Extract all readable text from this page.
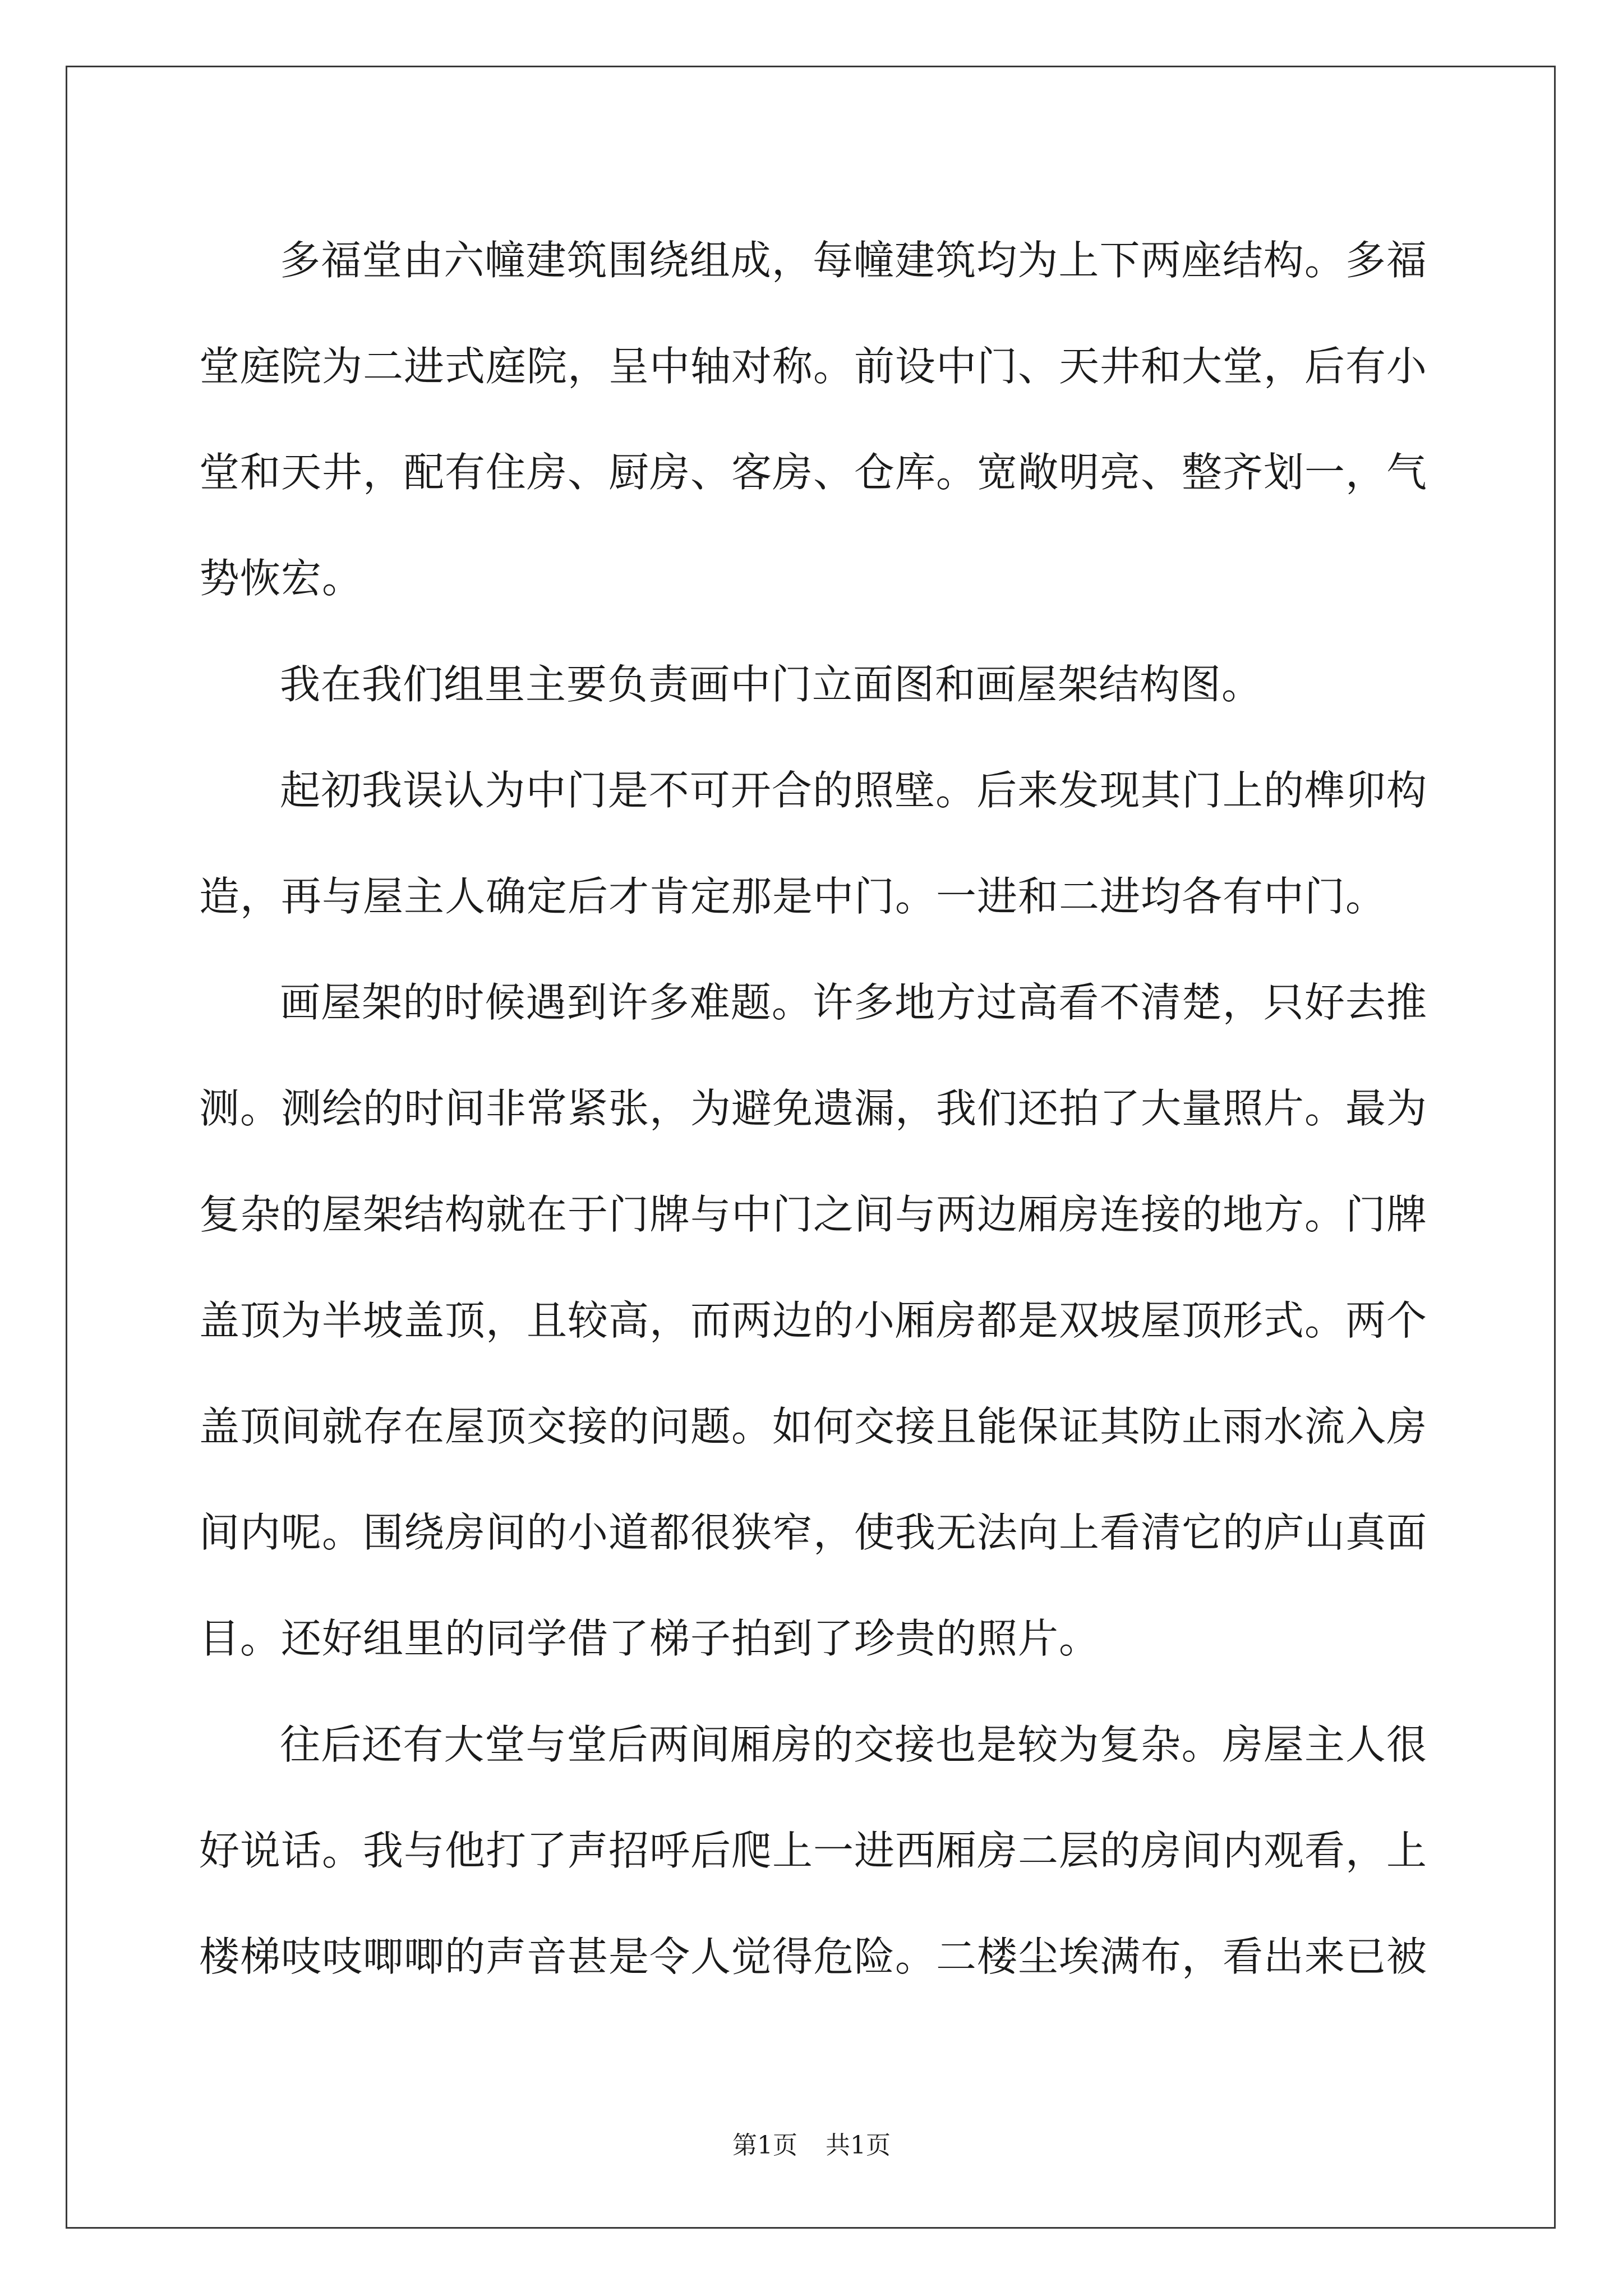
多福堂由六幢建筑围绕组成，每幢建筑均为上下两座结构。多福堂庭院为二进式庭院，呈中轴对称。前设中门、天井和大堂，后有小堂和天井，配有住房、厨房、客房、仓库。宽敞明亮、整齐划一，气势恢宏。

我在我们组里主要负责画中门立面图和画屋架结构图。

起初我误认为中门是不可开合的照壁。后来发现其门上的榫卯构造，再与屋主人确定后才肯定那是中门。一进和二进均各有中门。

画屋架的时候遇到许多难题。许多地方过高看不清楚，只好去推测。测绘的时间非常紧张，为避免遗漏，我们还拍了大量照片。最为复杂的屋架结构就在于门牌与中门之间与两边厢房连接的地方。门牌盖顶为半坡盖顶，且较高，而两边的小厢房都是双坡屋顶形式。两个盖顶间就存在屋顶交接的问题。如何交接且能保证其防止雨水流入房间内呢。围绕房间的小道都很狭窄，使我无法向上看清它的庐山真面目。还好组里的同学借了梯子拍到了珍贵的照片。

往后还有大堂与堂后两间厢房的交接也是较为复杂。房屋主人很好说话。我与他打了声招呼后爬上一进西厢房二层的房间内观看，上楼梯吱吱唧唧的声音甚是令人觉得危险。二楼尘埃满布，看出来已被

第1页 共1页
